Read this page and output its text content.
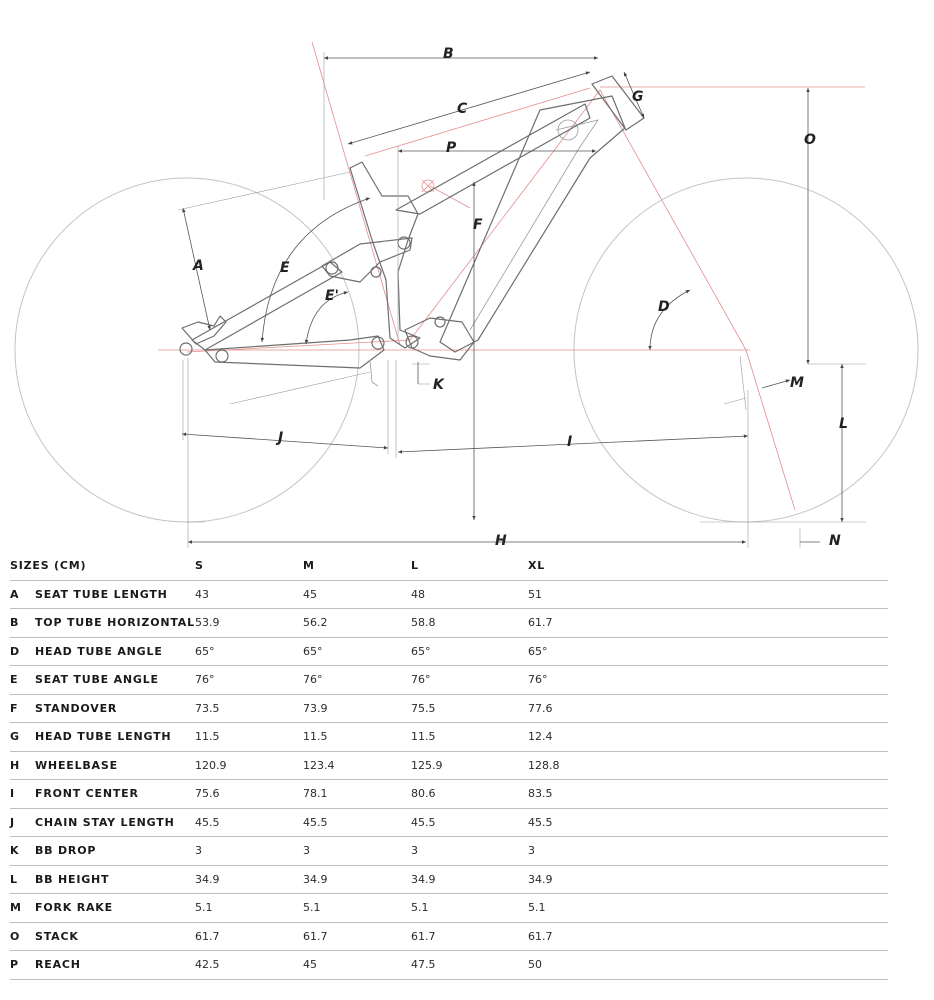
A
B
C
D
E
E'
F
G
H
I
J
K
L
M
N
O
P
SIZES (CM)		S	M	L	XL
A	SEAT TUBE LENGTH	43	45	48	51
B	TOP TUBE HORIZONTAL	53.9	56.2	58.8	61.7
D	HEAD TUBE ANGLE	65°	65°	65°	65°
E	SEAT TUBE ANGLE	76°	76°	76°	76°
F	STANDOVER	73.5	73.9	75.5	77.6
G	HEAD TUBE LENGTH	11.5	11.5	11.5	12.4
H	WHEELBASE	120.9	123.4	125.9	128.8
I	FRONT CENTER	75.6	78.1	80.6	83.5
J	CHAIN STAY LENGTH	45.5	45.5	45.5	45.5
K	BB DROP	3	3	3	3
L	BB HEIGHT	34.9	34.9	34.9	34.9
M	FORK RAKE	5.1	5.1	5.1	5.1
O	STACK	61.7	61.7	61.7	61.7
P	REACH	42.5	45	47.5	50
